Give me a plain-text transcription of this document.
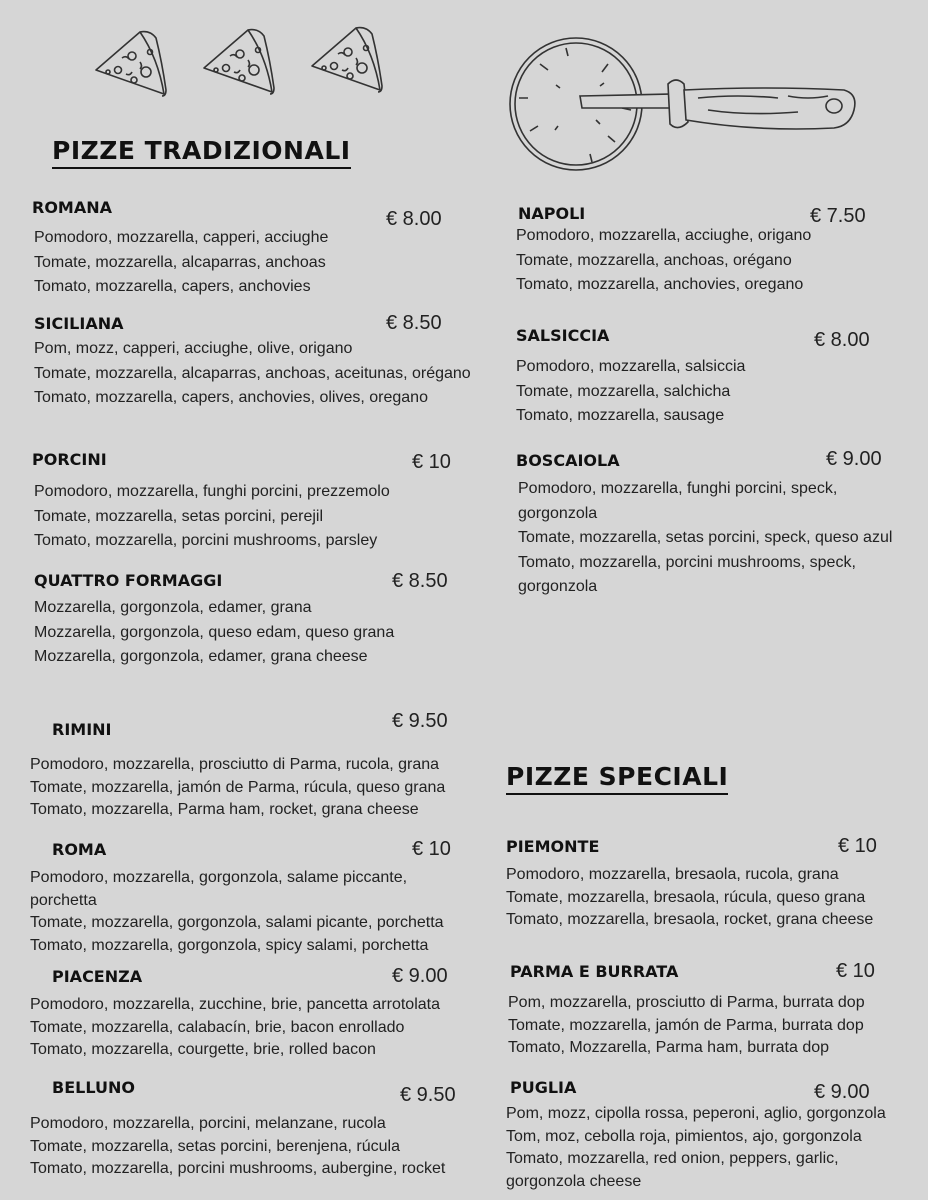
PIZZE TRADIZIONALI
PIZZE SPECIALI
ROMANA
€ 8.00
Pomodoro, mozzarella, capperi, acciughe
Tomate, mozzarella, alcaparras, anchoas
Tomato, mozzarella, capers, anchovies
SICILIANA	€ 8.50
Pom, mozz, capperi, acciughe, olive, origano
Tomate, mozzarella, alcaparras, anchoas, aceitunas, orégano
Tomato, mozzarella, capers, anchovies, olives, oregano
PORCINI	€ 10
Pomodoro, mozzarella, funghi porcini, prezzemolo
Tomate, mozzarella, setas porcini, perejil
Tomato, mozzarella, porcini mushrooms, parsley
QUATTRO FORMAGGI	€ 8.50
Mozzarella, gorgonzola, edamer, grana
Mozzarella, gorgonzola, queso edam, queso grana
Mozzarella, gorgonzola, edamer, grana cheese
NAPOLI	€ 7.50
Pomodoro, mozzarella, acciughe, origano
Tomate, mozzarella, anchoas, orégano
Tomato, mozzarella, anchovies, oregano
SALSICCIA	€ 8.00
Pomodoro, mozzarella, salsiccia
Tomate, mozzarella, salchicha
Tomato, mozzarella, sausage
BOSCAIOLA	€ 9.00
Pomodoro, mozzarella, funghi porcini, speck, gorgonzola
Tomate, mozzarella, setas porcini, speck, queso azul
Tomato, mozzarella, porcini mushrooms, speck, gorgonzola
RIMINI	€ 9.50
Pomodoro, mozzarella, prosciutto di Parma, rucola, grana
Tomate, mozzarella, jamón de Parma, rúcula, queso grana
Tomato, mozzarella, Parma ham, rocket, grana cheese
ROMA	€ 10
Pomodoro, mozzarella, gorgonzola, salame piccante, porchetta
Tomate, mozzarella, gorgonzola, salami picante, porchetta
Tomato, mozzarella, gorgonzola, spicy salami, porchetta
PIACENZA	€ 9.00
Pomodoro, mozzarella, zucchine, brie, pancetta arrotolata
Tomate, mozzarella, calabacín, brie, bacon enrollado
Tomato, mozzarella, courgette, brie, rolled bacon
BELLUNO	€ 9.50
Pomodoro, mozzarella, porcini, melanzane, rucola
Tomate, mozzarella, setas porcini, berenjena, rúcula
Tomato, mozzarella, porcini mushrooms, aubergine, rocket
PIEMONTE	€ 10
Pomodoro, mozzarella, bresaola, rucola, grana
Tomate, mozzarella, bresaola, rúcula, queso grana
Tomato, mozzarella, bresaola, rocket, grana cheese
PARMA E BURRATA	€ 10
Pom, mozzarella, prosciutto di Parma, burrata dop
Tomate, mozzarella, jamón de Parma, burrata dop
Tomato, Mozzarella, Parma ham, burrata dop
PUGLIA	€ 9.00
Pom, mozz, cipolla rossa, peperoni, aglio, gorgonzola
Tom, moz, cebolla roja, pimientos, ajo, gorgonzola
Tomato, mozzarella, red onion, peppers, garlic, gorgonzola cheese
